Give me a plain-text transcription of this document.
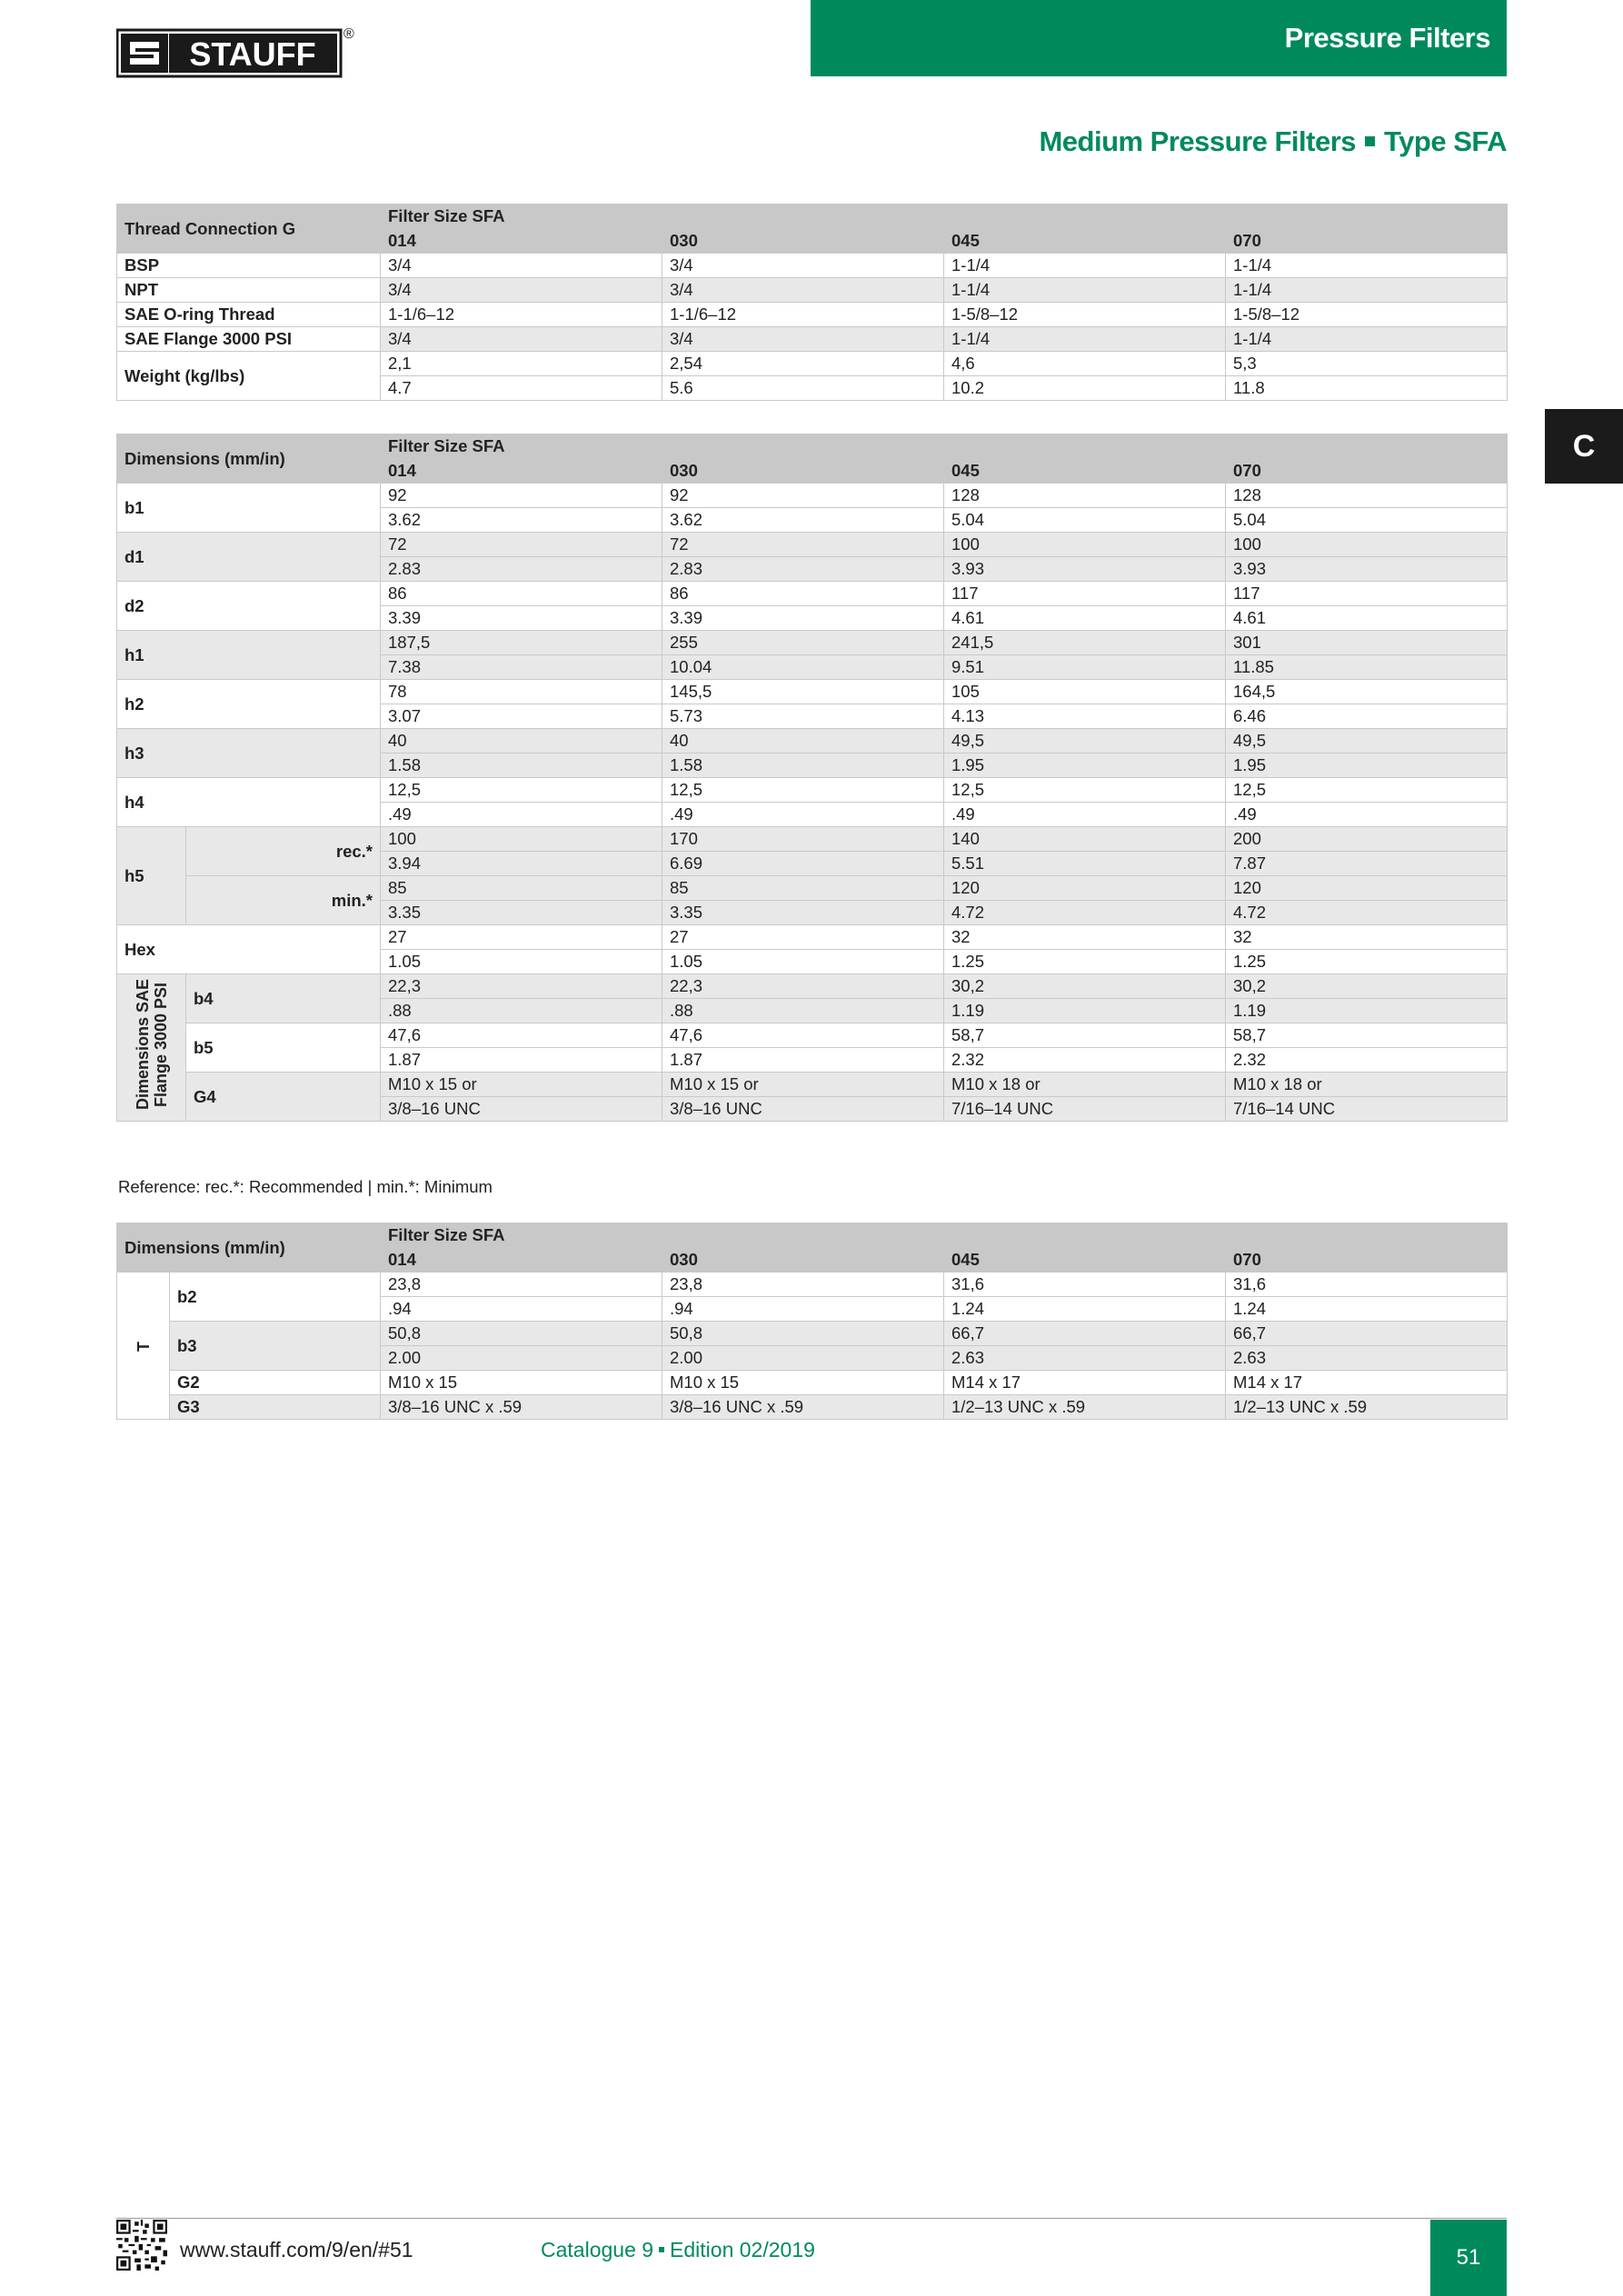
STAUFF
®	Pressure Filters
Medium Pressure Filters Type SFA
C
Thread Connection G	Filter Size SFA			
	014	030	045	070
BSP	3/4	3/4	1-1/4	1-1/4
NPT	3/4	3/4	1-1/4	1-1/4
SAE O-ring Thread	1-1/6–12	1-1/6–12	1-5/8–12	1-5/8–12
SAE Flange 3000 PSI	3/4	3/4	1-1/4	1-1/4
Weight (kg/lbs)	2,1	2,54	4,6	5,3
	4.7	5.6	10.2	11.8
Dimensions (mm/in)		Filter Size SFA			
		014	030	045	070
b1		92	92	128	128
		3.62	3.62	5.04	5.04
d1		72	72	100	100
		2.83	2.83	3.93	3.93
d2		86	86	117	117
		3.39	3.39	4.61	4.61
h1		187,5	255	241,5	301
		7.38	10.04	9.51	11.85
h2		78	145,5	105	164,5
		3.07	5.73	4.13	6.46
h3		40	40	49,5	49,5
		1.58	1.58	1.95	1.95
h4		12,5	12,5	12,5	12,5
		.49	.49	.49	.49
h5	rec.*	100	170	140	200
		3.94	6.69	5.51	7.87
	min.*	85	85	120	120
		3.35	3.35	4.72	4.72
Hex		27	27	32	32
		1.05	1.05	1.25	1.25
Dimensions SAE
Flange 3000 PSI	b4	22,3	22,3	30,2	30,2
		.88	.88	1.19	1.19
	b5	47,6	47,6	58,7	58,7
		1.87	1.87	2.32	2.32
	G4	M10 x 15 or	M10 x 15 or	M10 x 18 or	M10 x 18 or
		3/8–16 UNC	3/8–16 UNC	7/16–14 UNC	7/16–14 UNC
Reference: rec.*: Recommended | min.*: Minimum
Dimensions (mm/in)		Filter Size SFA			
		014	030	045	070
T	b2	23,8	23,8	31,6	31,6
		.94	.94	1.24	1.24
	b3	50,8	50,8	66,7	66,7
		2.00	2.00	2.63	2.63
	G2	M10 x 15	M10 x 15	M14 x 17	M14 x 17
	G3	3/8–16 UNC x .59	3/8–16 UNC x .59	1/2–13 UNC x .59	1/2–13 UNC x .59
www.stauff.com/9/en/#51	Catalogue 9 Edition 02/2019	51
